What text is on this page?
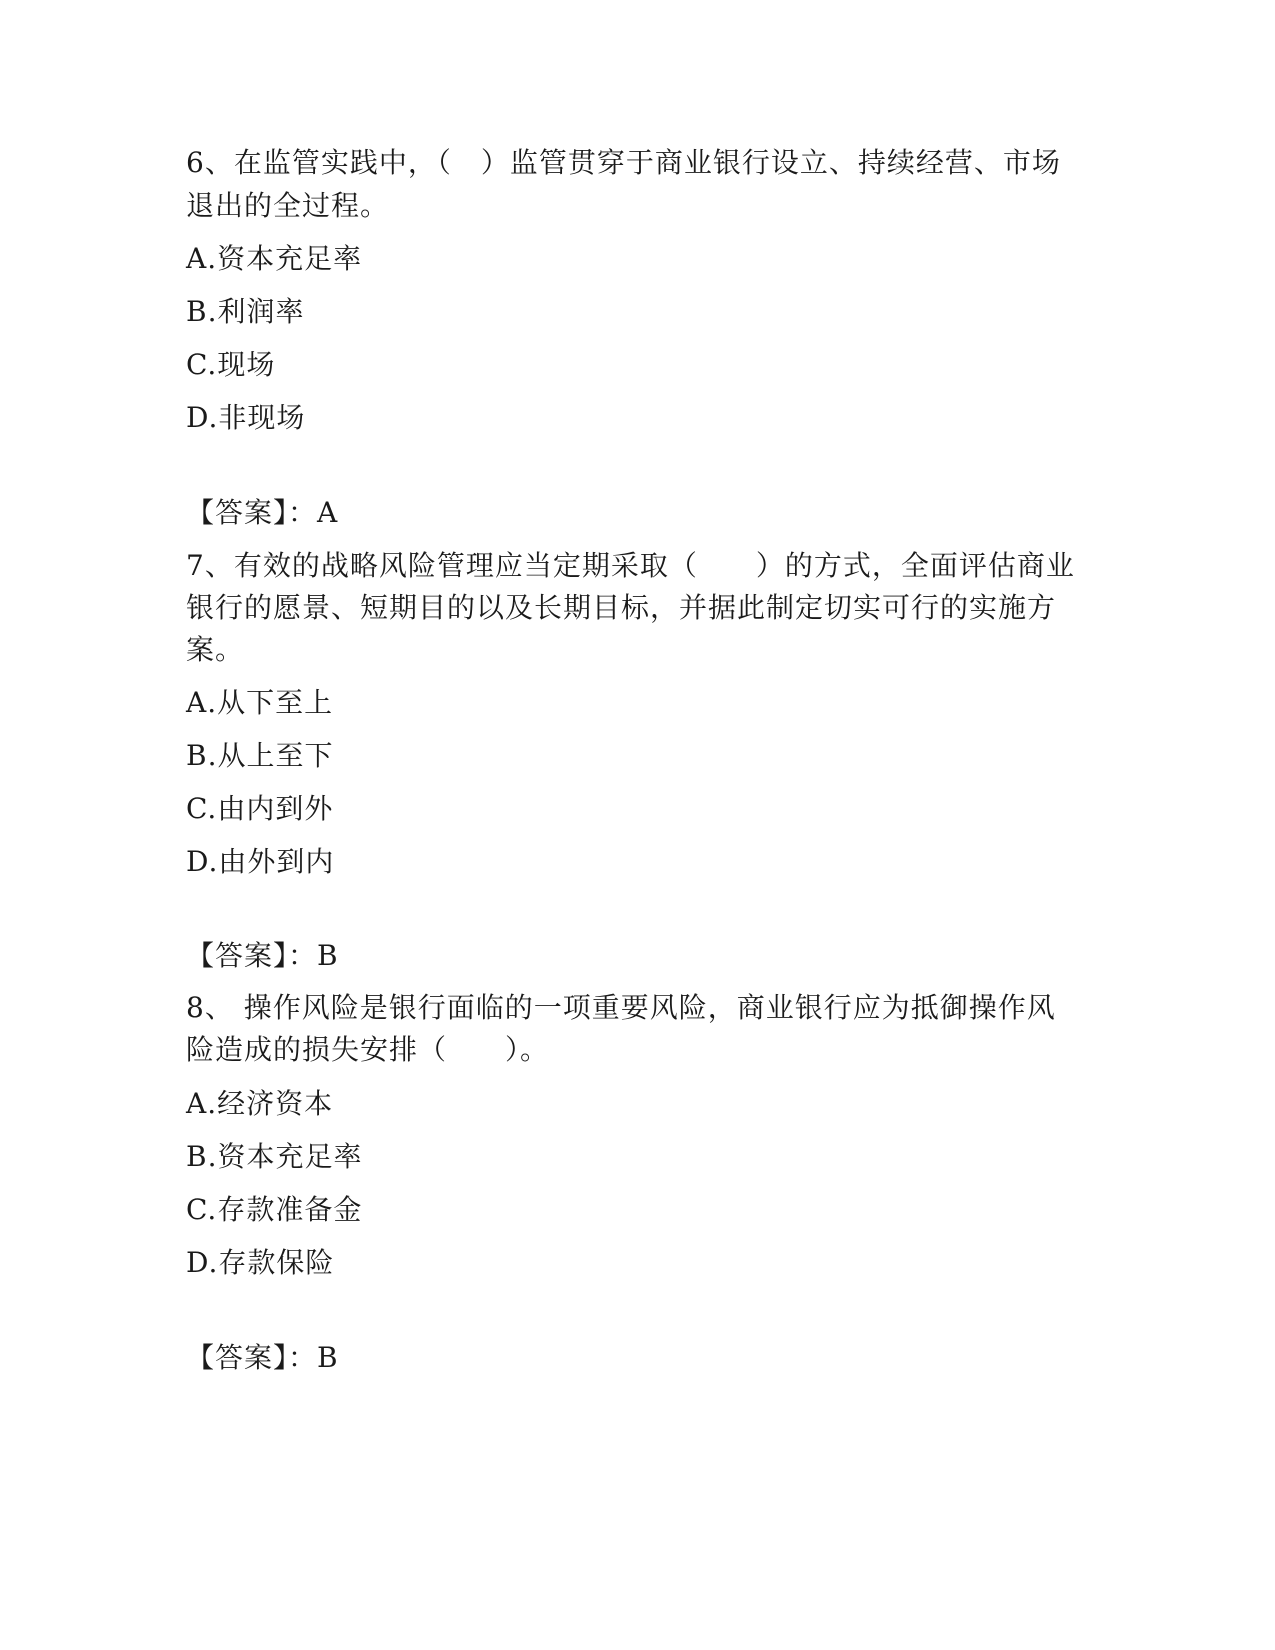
6、在监管实践中，（　）监管贯穿于商业银行设立、持续经营、市场
退出的全过程。
A.资本充足率
B.利润率
C.现场
D.非现场
【答案】：A
7、有效的战略风险管理应当定期采取（　　）的方式，全面评估商业
银行的愿景、短期目的以及长期目标，并据此制定切实可行的实施方
案。
A.从下至上
B.从上至下
C.由内到外
D.由外到内
【答案】：B
8、 操作风险是银行面临的一项重要风险，商业银行应为抵御操作风
险造成的损失安排（　　）。
A.经济资本
B.资本充足率
C.存款准备金
D.存款保险
【答案】：B
